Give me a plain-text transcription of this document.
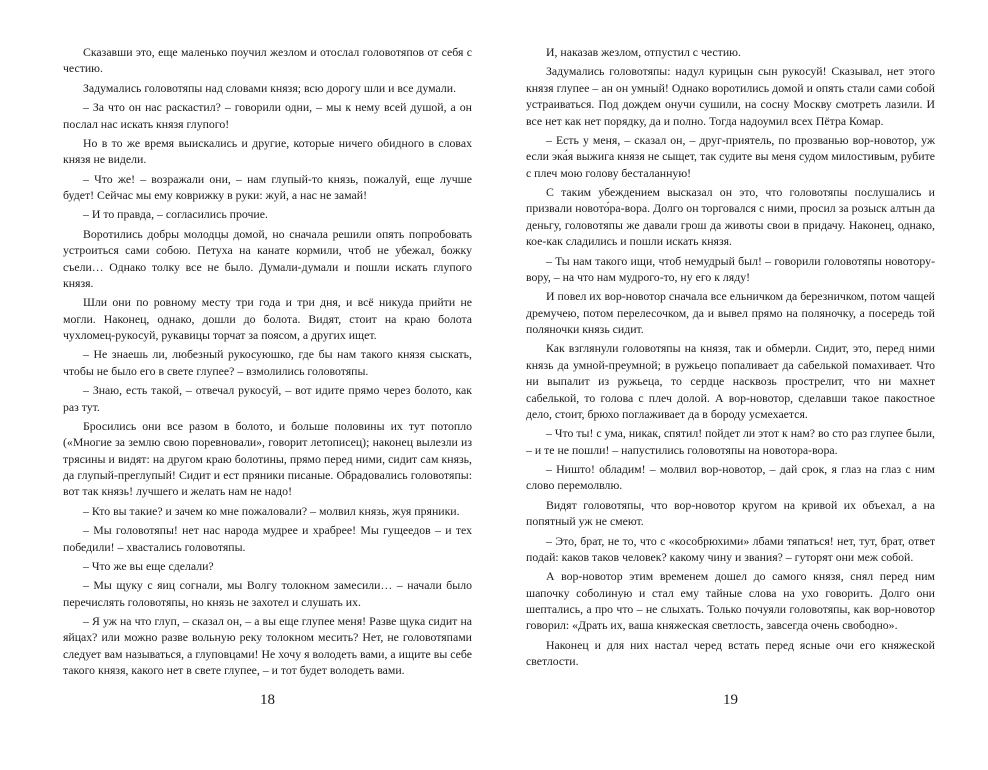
Сказавши это, еще маленько поучил жезлом и отослал головотяпов от себя с честию.

Задумались головотяпы над словами князя; всю дорогу шли и все думали.

– За что он нас раскастил? – говорили одни, – мы к нему всей душой, а он послал нас искать князя глупого!

Но в то же время выискались и другие, которые ничего обидного в словах князя не видели.

– Что же! – возражали они, – нам глупый-то князь, пожалуй, еще лучше будет! Сейчас мы ему коврижку в руки: жуй, а нас не замай!

– И то правда, – согласились прочие.

Воротились добры молодцы домой, но сначала решили опять попробовать устроиться сами собою. Петуха на канате кормили, чтоб не убежал, божку съели… Однако толку все не было. Думали-думали и пошли искать глупого князя.

Шли они по ровному месту три года и три дня, и всё никуда прийти не могли. Наконец, однако, дошли до болота. Видят, стоит на краю болота чухломец-рукосуй, рукавицы торчат за поясом, а других ищет.

– Не знаешь ли, любезный рукосуюшко, где бы нам такого князя сыскать, чтобы не было его в свете глупее? – взмолились головотяпы.

– Знаю, есть такой, – отвечал рукосуй, – вот идите прямо через болото, как раз тут.

Бросились они все разом в болото, и больше половины их тут потопло («Многие за землю свою поревновали», говорит летописец); наконец вылезли из трясины и видят: на другом краю болотины, прямо перед ними, сидит сам князь, да глупый-преглупый! Сидит и ест пряники писаные. Обрадовались головотяпы: вот так князь! лучшего и желать нам не надо!

– Кто вы такие? и зачем ко мне пожаловали? – молвил князь, жуя пряники.

– Мы головотяпы! нет нас народа мудрее и храбрее! Мы гущеедов – и тех победили! – хвастались головотяпы.

– Что же вы еще сделали?

– Мы щуку с яиц согнали, мы Волгу толокном замесили… – начали было перечислять головотяпы, но князь не захотел и слушать их.

– Я уж на что глуп, – сказал он, – а вы еще глупее меня! Разве щука сидит на яйцах? или можно разве вольную реку толокном месить? Нет, не головотяпами следует вам называться, а глуповцами! Не хочу я володеть вами, а ищите вы себе такого князя, какого нет в свете глупее, – и тот будет володеть вами.

18

И, наказав жезлом, отпустил с честию.

Задумались головотяпы: надул курицын сын рукосуй! Сказывал, нет этого князя глупее – ан он умный! Однако воротились домой и опять стали сами собой устраиваться. Под дождем онучи сушили, на сосну Москву смотреть лазили. И все нет как нет порядку, да и полно. Тогда надоумил всех Пётра Комар.

– Есть у меня, – сказал он, – друг-приятель, по прозванью вор-новотор, уж если эка́я выжига князя не сыщет, так судите вы меня судом милостивым, рубите с плеч мою голову бесталанную!

С таким убеждением высказал он это, что головотяпы послушались и призвали новото́ра-вора. Долго он торговался с ними, просил за розыск алтын да деньгу, головотяпы же давали грош да животы свои в придачу. Наконец, однако, кое-как сладились и пошли искать князя.

– Ты нам такого ищи, чтоб немудрый был! – говорили головотяпы новотору-вору, – на что нам мудрого-то, ну его к ляду!

И повел их вор-новотор сначала все ельничком да березничком, потом чащей дремучею, потом перелесочком, да и вывел прямо на поляночку, а посередь той поляночки князь сидит.

Как взглянули головотяпы на князя, так и обмерли. Сидит, это, перед ними князь да умной-преумной; в ружьецо попаливает да сабелькой помахивает. Что ни выпалит из ружьеца, то сердце насквозь прострелит, что ни махнет сабелькой, то голова с плеч долой. А вор-новотор, сделавши такое пакостное дело, стоит, брюхо поглаживает да в бороду усмехается.

– Что ты! с ума, никак, спятил! пойдет ли этот к нам? во сто раз глупее были, – и те не пошли! – напустились головотяпы на новотора-вора.

– Ништо! обладим! – молвил вор-новотор, – дай срок, я глаз на глаз с ним слово перемолвлю.

Видят головотяпы, что вор-новотор кругом на кривой их объехал, а на попятный уж не смеют.

– Это, брат, не то, что с «кособрюхими» лбами тяпаться! нет, тут, брат, ответ подай: каков таков человек? какому чину и звания? – гуторят они меж собой.

А вор-новотор этим временем дошел до самого князя, снял перед ним шапочку соболиную и стал ему тайные слова на ухо говорить. Долго они шептались, а про что – не слыхать. Только почуяли головотяпы, как вор-новотор говорил: «Драть их, ваша княжеская светлость, завсегда очень свободно».

Наконец и для них настал черед встать перед ясные очи его княжеской светлости.

19
